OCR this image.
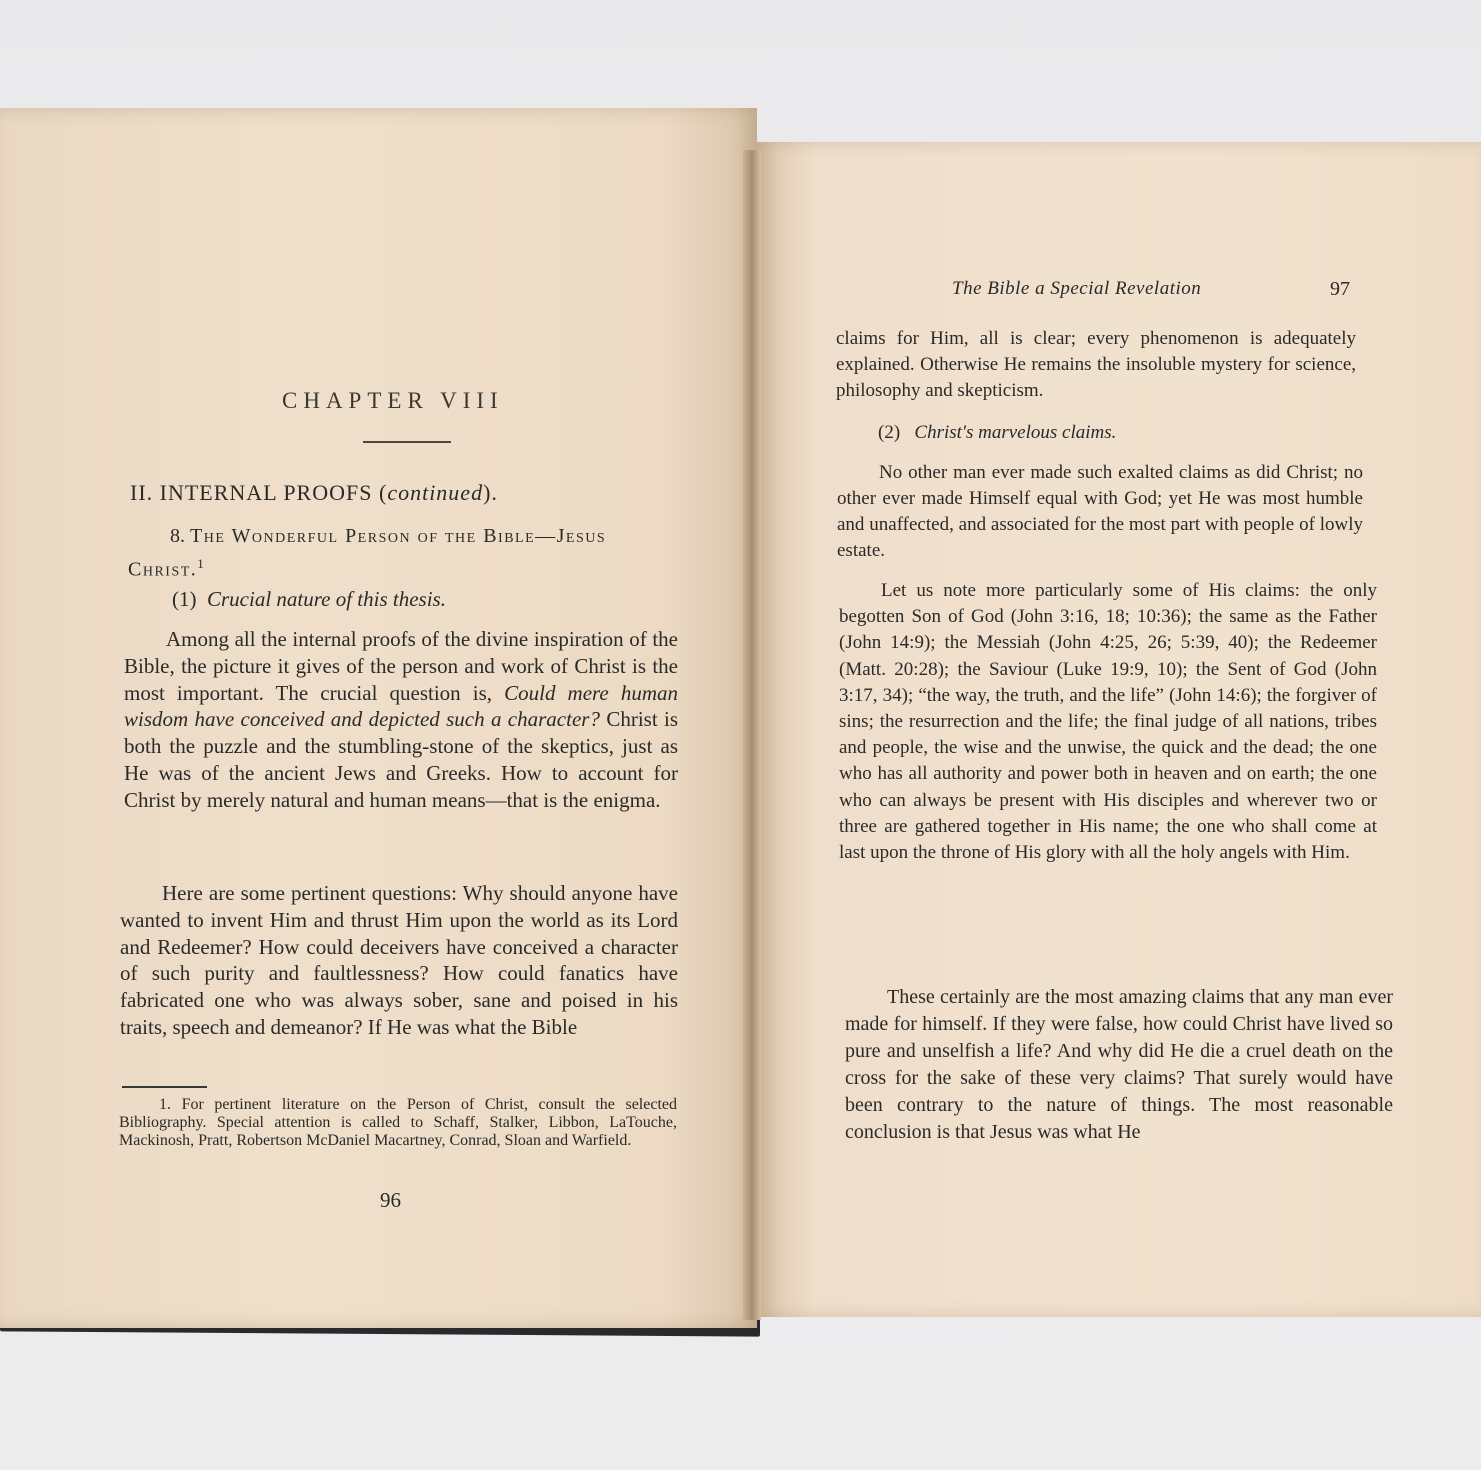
CHAPTER VIII
II. INTERNAL PROOFS (continued).
8. The Wonderful Person of the Bible—Jesus Christ.$^1$
(1) Crucial nature of this thesis.
Among all the internal proofs of the divine inspiration of the Bible, the picture it gives of the person and work of Christ is the most important. The crucial question is, Could mere human wisdom have conceived and depicted such a character? Christ is both the puzzle and the stumbling-stone of the skeptics, just as He was of the ancient Jews and Greeks. How to account for Christ by merely natural and human means—that is the enigma.
Here are some pertinent questions: Why should anyone have wanted to invent Him and thrust Him upon the world as its Lord and Redeemer? How could deceivers have conceived a character of such purity and faultlessness? How could fanatics have fabricated one who was always sober, sane and poised in his traits, speech and demeanor? If He was what the Bible
1. For pertinent literature on the Person of Christ, consult the selected Bibliography. Special attention is called to Schaff, Stalker, Libbon, LaTouche, Mackinosh, Pratt, Robertson McDaniel Macartney, Conrad, Sloan and Warfield.
96
The Bible a Special Revelation	97
claims for Him, all is clear; every phenomenon is adequately explained. Otherwise He remains the insoluble mystery for science, philosophy and skepticism.
(2) Christ's marvelous claims.
No other man ever made such exalted claims as did Christ; no other ever made Himself equal with God; yet He was most humble and unaffected, and associated for the most part with people of lowly estate.
Let us note more particularly some of His claims: the only begotten Son of God (John 3:16, 18; 10:36); the same as the Father (John 14:9); the Messiah (John 4:25, 26; 5:39, 40); the Redeemer (Matt. 20:28); the Saviour (Luke 19:9, 10); the Sent of God (John 3:17, 34); “the way, the truth, and the life” (John 14:6); the forgiver of sins; the resurrection and the life; the final judge of all nations, tribes and people, the wise and the unwise, the quick and the dead; the one who has all authority and power both in heaven and on earth; the one who can always be present with His disciples and wherever two or three are gathered together in His name; the one who shall come at last upon the throne of His glory with all the holy angels with Him.
These certainly are the most amazing claims that any man ever made for himself. If they were false, how could Christ have lived so pure and unselfish a life? And why did He die a cruel death on the cross for the sake of these very claims? That surely would have been contrary to the nature of things. The most reasonable conclusion is that Jesus was what He
